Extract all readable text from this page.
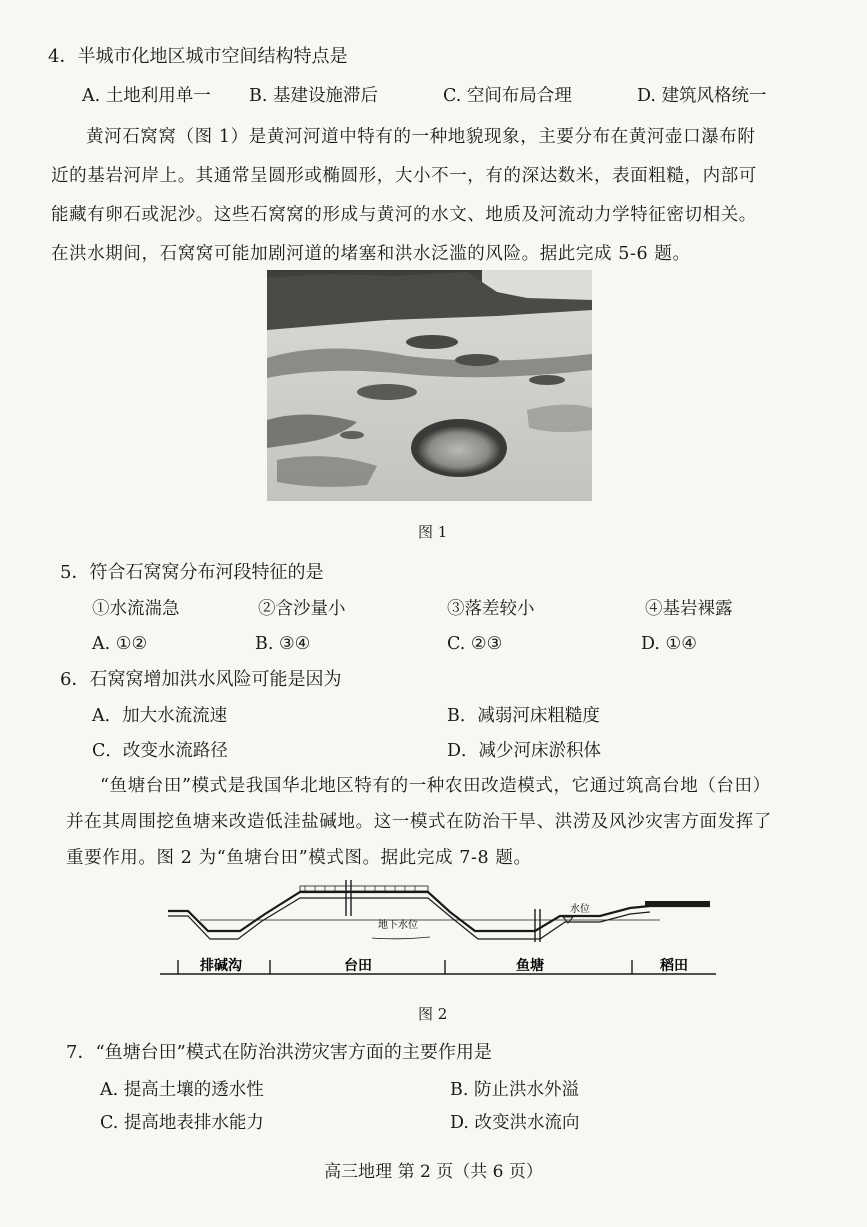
4．半城市化地区城市空间结构特点是
A. 土地利用单一 B. 基建设施滞后	C. 空间布局合理	D. 建筑风格统一
黄河石窝窝（图 1）是黄河河道中特有的一种地貌现象，主要分布在黄河壶口瀑布附
近的基岩河岸上。其通常呈圆形或椭圆形，大小不一，有的深达数米，表面粗糙，内部可
能藏有卵石或泥沙。这些石窝窝的形成与黄河的水文、地质及河流动力学特征密切相关。
在洪水期间，石窝窝可能加剧河道的堵塞和洪水泛滥的风险。据此完成 5-6 题。
图 1
5．符合石窝窝分布河段特征的是
①水流湍急	②含沙量小	③落差较小	④基岩裸露
A. ①②	B. ③④	C. ②③	D. ①④
6．石窝窝增加洪水风险可能是因为
A．加大水流流速	B．减弱河床粗糙度
C．改变水流路径	D．减少河床淤积体
“鱼塘台田”模式是我国华北地区特有的一种农田改造模式，它通过筑高台地（台田）
并在其周围挖鱼塘来改造低洼盐碱地。这一模式在防治干旱、洪涝及风沙灾害方面发挥了
重要作用。图 2 为“鱼塘台田”模式图。据此完成 7-8 题。
水位
地下水位
排碱沟	台田	鱼塘	稻田
图 2
7．“鱼塘台田”模式在防治洪涝灾害方面的主要作用是
A. 提高土壤的透水性	B. 防止洪水外溢
C. 提高地表排水能力	D. 改变洪水流向
高三地理 第 2 页（共 6 页）
